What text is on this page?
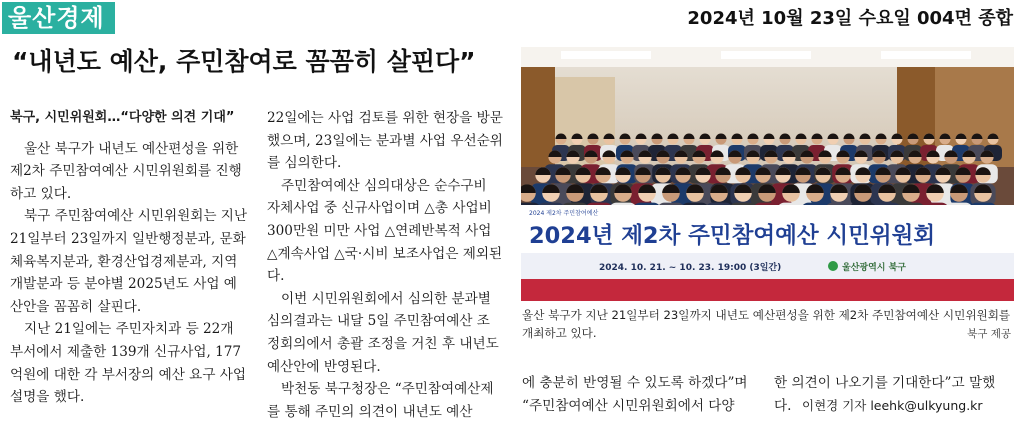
울산경제	2024년 10월 23일 수요일 004면 종합
“내년도 예산, 주민참여로 꼼꼼히 살핀다”
북구, 시민위원회…“다양한 의견 기대”

울산 북구가 내년도 예산편성을 위한 제2차 주민참여예산 시민위원회를 진행하고 있다.

북구 주민참여예산 시민위원회는 지난 21일부터 23일까지 일반행정분과, 문화체육복지분과, 환경산업경제분과, 지역개발분과 등 분야별 2025년도 사업 예산안을 꼼꼼히 살핀다.

지난 21일에는 주민자치과 등 22개 부서에서 제출한 139개 신규사업, 177억원에 대한 각 부서장의 예산 요구 사업 설명을 했다.

22일에는 사업 검토를 위한 현장을 방문했으며, 23일에는 분과별 사업 우선순위를 심의한다.

주민참여예산 심의대상은 순수구비 자체사업 중 신규사업이며 △총 사업비 300만원 미만 사업 △연례반복적 사업 △계속사업 △국·시비 보조사업은 제외된다.

이번 시민위원회에서 심의한 분과별 심의결과는 내달 5일 주민참여예산 조정회의에서 총괄 조정을 거친 후 내년도 예산안에 반영된다.

박천동 북구청장은 “주민참여예산제를 통해 주민의 의견이 내년도 예산

2024 제2차 주민참여예산
2024년 제2차 주민참여예산 시민위원회
2024. 10. 21. ~ 10. 23. 19:00 (3일간)	울산광역시 북구
울산 북구가 지난 21일부터 23일까지 내년도 예산편성을 위한 제2차 주민참여예산 시민위원회를 개최하고 있다.	북구 제공
에 충분히 반영될 수 있도록 하겠다”며 “주민참여예산 시민위원회에서 다양
한 의견이 나오기를 기대한다”고 말했다. 이현경 기자 leehk@ulkyung.kr
